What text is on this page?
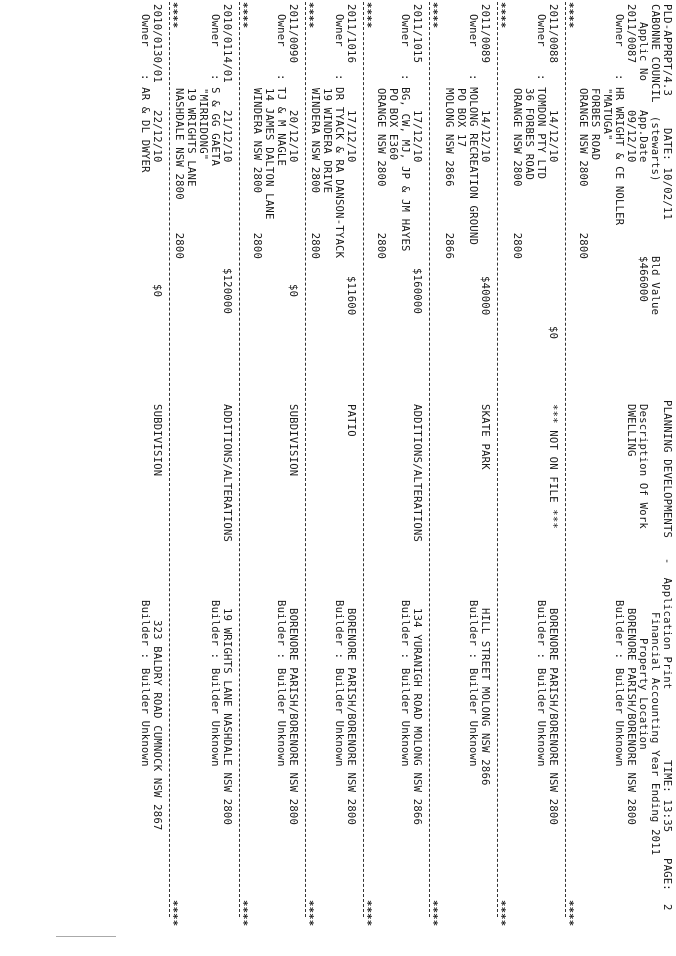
PLD-APPRPT/4.3
DATE: 10/02/11
PLANNING DEVELOPMENTS   -  Application Print
TIME: 13:35
PAGE:  2
CABONNE COUNCIL  (stewarts)
Financial Accounting Year Ending 2011
Applic No
App.Date
Bld Value
Description Of Work
Property Location
2011/0087
09/12/10
$466000
DWELLING
BORENORE PARISH/BORENORE NSW 2800
Owner
: HR WRIGHT & CE NOLLER
"MATUGA"
FORBES ROAD
ORANGE NSW 2800       2800
Builder :
Builder Unknown
****
****
2011/0088
14/12/10
$0
*** NOT ON FILE ***
BORENORE PARISH/BORENORE NSW 2800
Owner
: TOMDON PTY LTD
36 FORBES ROAD
ORANGE NSW 2800       2800
Builder :
Builder Unknown
****
****
2011/0089
14/12/10
$40000
SKATE PARK
HILL STREET MOLONG NSW 2866
Owner
: MOLONG RECREATION GROUND
PO BOX 17
MOLONG NSW 2866       2866
Builder :
Builder Unknown
****
****
2011/1015
17/12/10
$160000
ADDITIONS/ALTERATIONS
134 YURANIGH ROAD MOLONG NSW 2866
Owner
: BG, CW, MJ, JP & JM HAYES
PO BOX E360
ORANGE NSW 2800       2800
Builder :
Builder Unknown
****
****
2011/1016
17/12/10
$11600
PATIO
BORENORE PARISH/BORENORE NSW 2800
Owner
: DR TYACK & RA DANSON-TYACK
19 WINDERA DRIVE
WINDERA NSW 2800      2800
Builder :
Builder Unknown
****
****
2011/0090
20/12/10
$0
SUBDIVISION
BORENORE PARISH/BORENORE NSW 2800
Owner
: TJ & M NAGLE
14 JAMES DALTON LANE
WINDERA NSW 2800      2800
Builder :
Builder Unknown
****
****
2010/0114/01
21/12/10
$120000
ADDITIONS/ALTERATIONS
19 WRIGHTS LANE NASHDALE NSW 2800
Owner
: S & GG GAETA
"MIRRIDONG"
19 WRIGHTS LANE
NASHDALE NSW 2800     2800
Builder :
Builder Unknown
****
****
2010/0130/01
22/12/10
$0
SUBDIVISION
323 BALDRY ROAD CUMNOCK NSW 2867
Owner
: AR & DL DWYER
Builder :
Builder Unknown
